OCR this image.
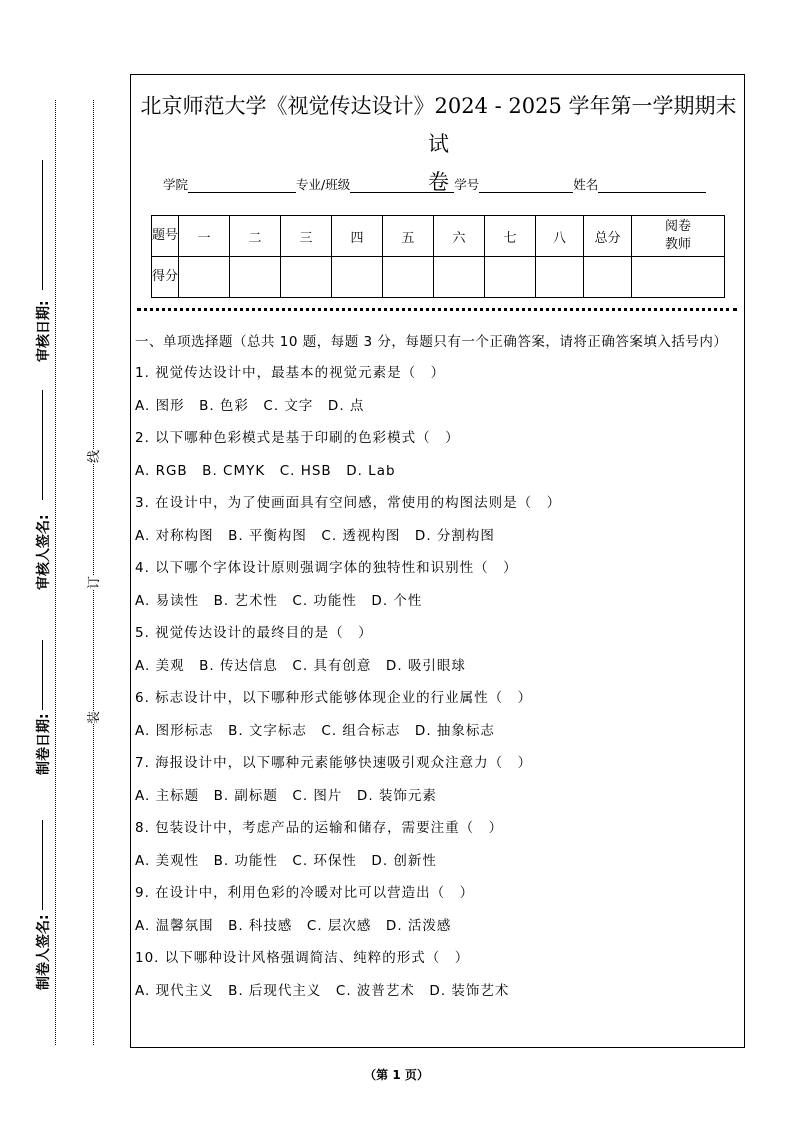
审核日期:
审核人签名:
制卷日期:
制卷人签名:
线
订
装
北京师范大学《视觉传达设计》2024 - 2025 学年第一学期期末试
卷
学院	专业/班级	学号	姓名
题号	一	二	三	四	五	六	七	八	总分	阅卷教师
得分										
一、单项选择题（总共 10 题，每题 3 分，每题只有一个正确答案，请将正确答案填入括号内）
1. 视觉传达设计中，最基本的视觉元素是（　）
A. 图形　B. 色彩　C. 文字　D. 点
2. 以下哪种色彩模式是基于印刷的色彩模式（　）
A. RGB　B. CMYK　C. HSB　D. Lab
3. 在设计中，为了使画面具有空间感，常使用的构图法则是（　）
A. 对称构图　B. 平衡构图　C. 透视构图　D. 分割构图
4. 以下哪个字体设计原则强调字体的独特性和识别性（　）
A. 易读性　B. 艺术性　C. 功能性　D. 个性
5. 视觉传达设计的最终目的是（　）
A. 美观　B. 传达信息　C. 具有创意　D. 吸引眼球
6. 标志设计中，以下哪种形式能够体现企业的行业属性（　）
A. 图形标志　B. 文字标志　C. 组合标志　D. 抽象标志
7. 海报设计中，以下哪种元素能够快速吸引观众注意力（　）
A. 主标题　B. 副标题　C. 图片　D. 装饰元素
8. 包装设计中，考虑产品的运输和储存，需要注重（　）
A. 美观性　B. 功能性　C. 环保性　D. 创新性
9. 在设计中，利用色彩的冷暖对比可以营造出（　）
A. 温馨氛围　B. 科技感　C. 层次感　D. 活泼感
10. 以下哪种设计风格强调简洁、纯粹的形式（　）
A. 现代主义　B. 后现代主义　C. 波普艺术　D. 装饰艺术
（第 1 页）
